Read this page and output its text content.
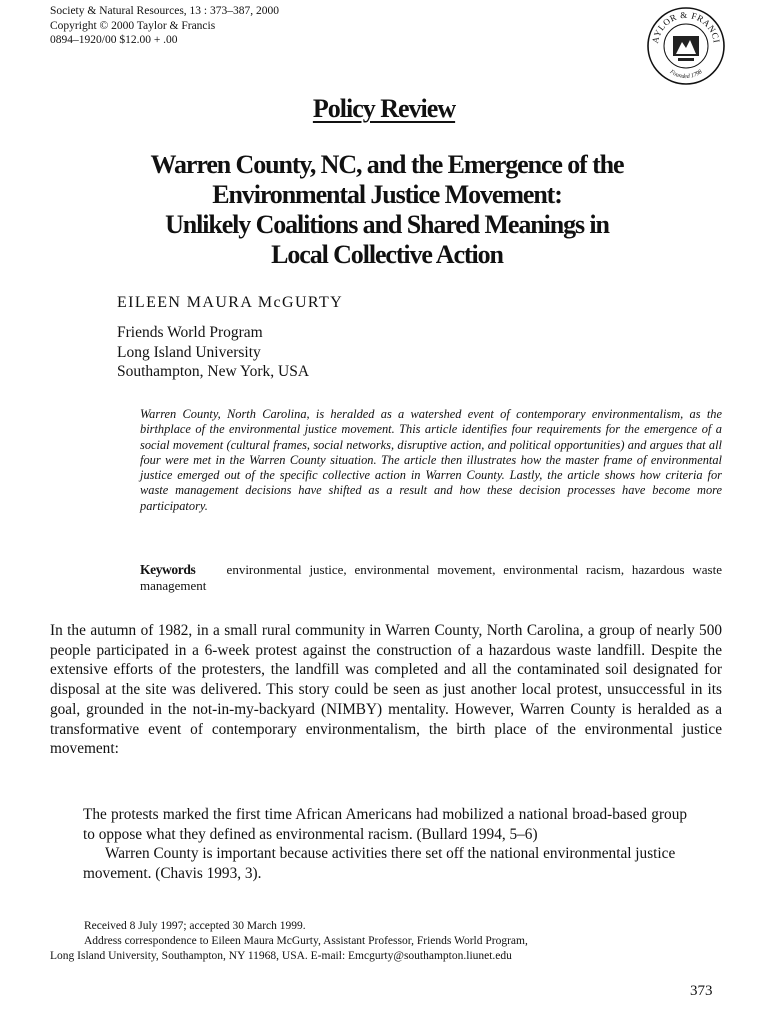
Society & Natural Resources, 13 : 373–387, 2000
Copyright © 2000 Taylor & Francis
0894–1920/00 $12.00 + .00	AYLOR & FRANCI
Founded 1798
Policy Review
Warren County, NC, and the Emergence of the
Environmental Justice Movement:
Unlikely Coalitions and Shared Meanings in
Local Collective Action
EILEEN MAURA McGURTY
Friends World Program
Long Island University
Southampton, New York, USA
Warren County, North Carolina, is heralded as a watershed event of contemporary environmentalism, as the birthplace of the environmental justice movement. This article identifies four requirements for the emergence of a social movement (cultural frames, social networks, disruptive action, and political opportunities) and argues that all four were met in the Warren County situation. The article then illustrates how the master frame of environmental justice emerged out of the specific collective action in Warren County. Lastly, the article shows how criteria for waste management decisions have shifted as a result and how these decision processes have become more participatory.
Keywords environmental justice, environmental movement, environmental racism, hazardous waste management
In the autumn of 1982, in a small rural community in Warren County, North Carolina, a group of nearly 500 people participated in a 6-week protest against the construction of a hazardous waste landfill. Despite the extensive efforts of the protesters, the landfill was completed and all the contaminated soil designated for disposal at the site was delivered. This story could be seen as just another local protest, unsuccessful in its goal, grounded in the not-in-my-backyard (NIMBY) mentality. However, Warren County is heralded as a transformative event of contemporary environmentalism, the birth place of the environmental justice movement:

The protests marked the first time African Americans had mobilized a national broad-based group to oppose what they defined as environmental racism. (Bullard 1994, 5–6)

Warren County is important because activities there set off the national environmental justice movement. (Chavis 1993, 3).

Received 8 July 1997; accepted 30 March 1999.
Address correspondence to Eileen Maura McGurty, Assistant Professor, Friends World Program,
Long Island University, Southampton, NY 11968, USA. E-mail: Emcgurty@southampton.liunet.edu
373
